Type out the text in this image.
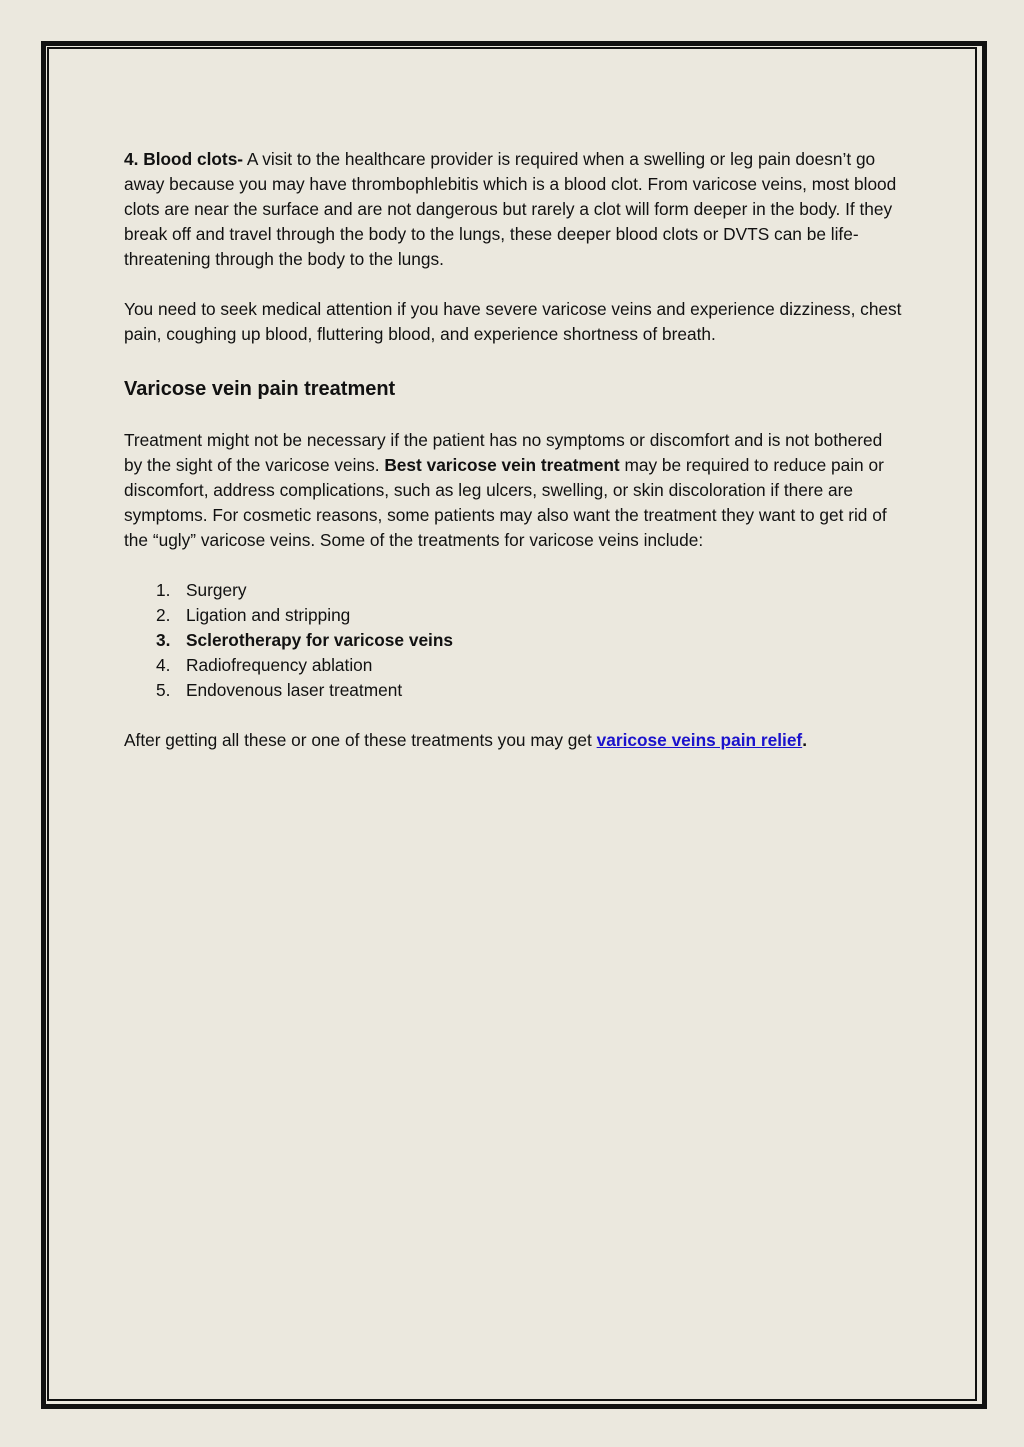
4. Blood clots- A visit to the healthcare provider is required when a swelling or leg pain doesn’t go away because you may have thrombophlebitis which is a blood clot. From varicose veins, most blood clots are near the surface and are not dangerous but rarely a clot will form deeper in the body. If they break off and travel through the body to the lungs, these deeper blood clots or DVTS can be life-threatening through the body to the lungs.

You need to seek medical attention if you have severe varicose veins and experience dizziness, chest pain, coughing up blood, fluttering blood, and experience shortness of breath.

Varicose vein pain treatment

Treatment might not be necessary if the patient has no symptoms or discomfort and is not bothered by the sight of the varicose veins. Best varicose vein treatment may be required to reduce pain or discomfort, address complications, such as leg ulcers, swelling, or skin discoloration if there are symptoms. For cosmetic reasons, some patients may also want the treatment they want to get rid of the “ugly” varicose veins. Some of the treatments for varicose veins include:

1. Surgery
2. Ligation and stripping
3. Sclerotherapy for varicose veins
4. Radiofrequency ablation
5. Endovenous laser treatment

After getting all these or one of these treatments you may get varicose veins pain relief.
